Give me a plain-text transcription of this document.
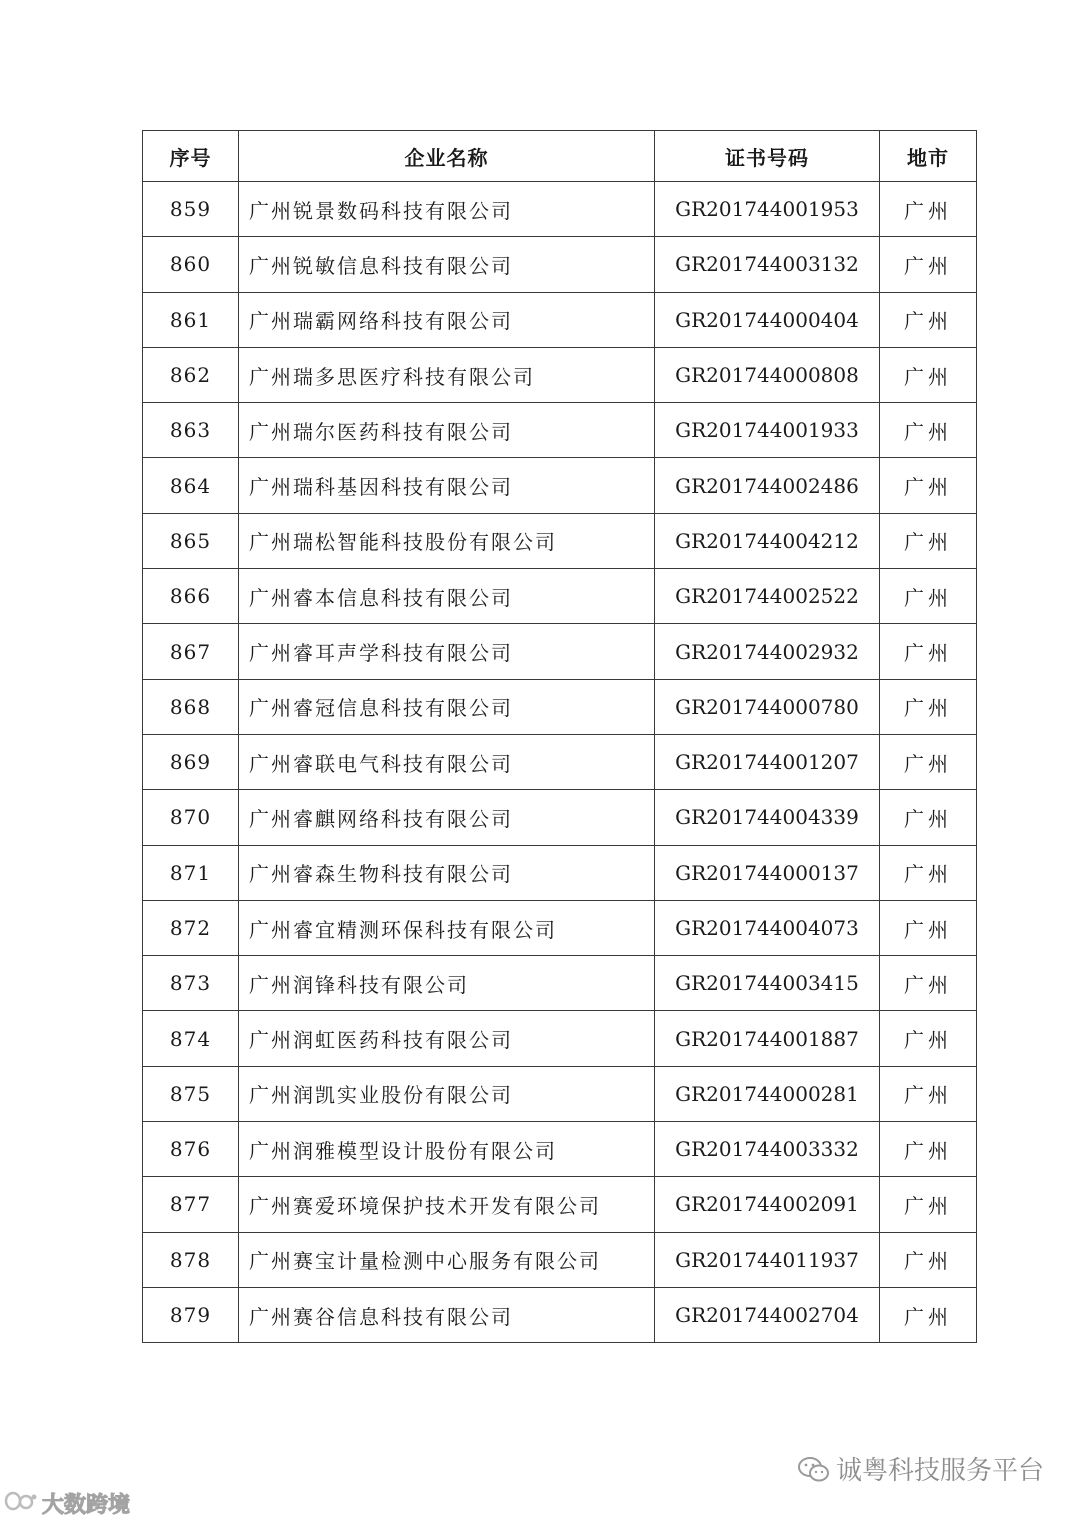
序号	企业名称	证书号码	地市
859	广州锐景数码科技有限公司	GR201744001953	广州
860	广州锐敏信息科技有限公司	GR201744003132	广州
861	广州瑞霸网络科技有限公司	GR201744000404	广州
862	广州瑞多思医疗科技有限公司	GR201744000808	广州
863	广州瑞尔医药科技有限公司	GR201744001933	广州
864	广州瑞科基因科技有限公司	GR201744002486	广州
865	广州瑞松智能科技股份有限公司	GR201744004212	广州
866	广州睿本信息科技有限公司	GR201744002522	广州
867	广州睿耳声学科技有限公司	GR201744002932	广州
868	广州睿冠信息科技有限公司	GR201744000780	广州
869	广州睿联电气科技有限公司	GR201744001207	广州
870	广州睿麒网络科技有限公司	GR201744004339	广州
871	广州睿森生物科技有限公司	GR201744000137	广州
872	广州睿宜精测环保科技有限公司	GR201744004073	广州
873	广州润锋科技有限公司	GR201744003415	广州
874	广州润虹医药科技有限公司	GR201744001887	广州
875	广州润凯实业股份有限公司	GR201744000281	广州
876	广州润雅模型设计股份有限公司	GR201744003332	广州
877	广州赛爱环境保护技术开发有限公司	GR201744002091	广州
878	广州赛宝计量检测中心服务有限公司	GR201744011937	广州
879	广州赛谷信息科技有限公司	GR201744002704	广州
大数跨境
诚粤科技服务平台
